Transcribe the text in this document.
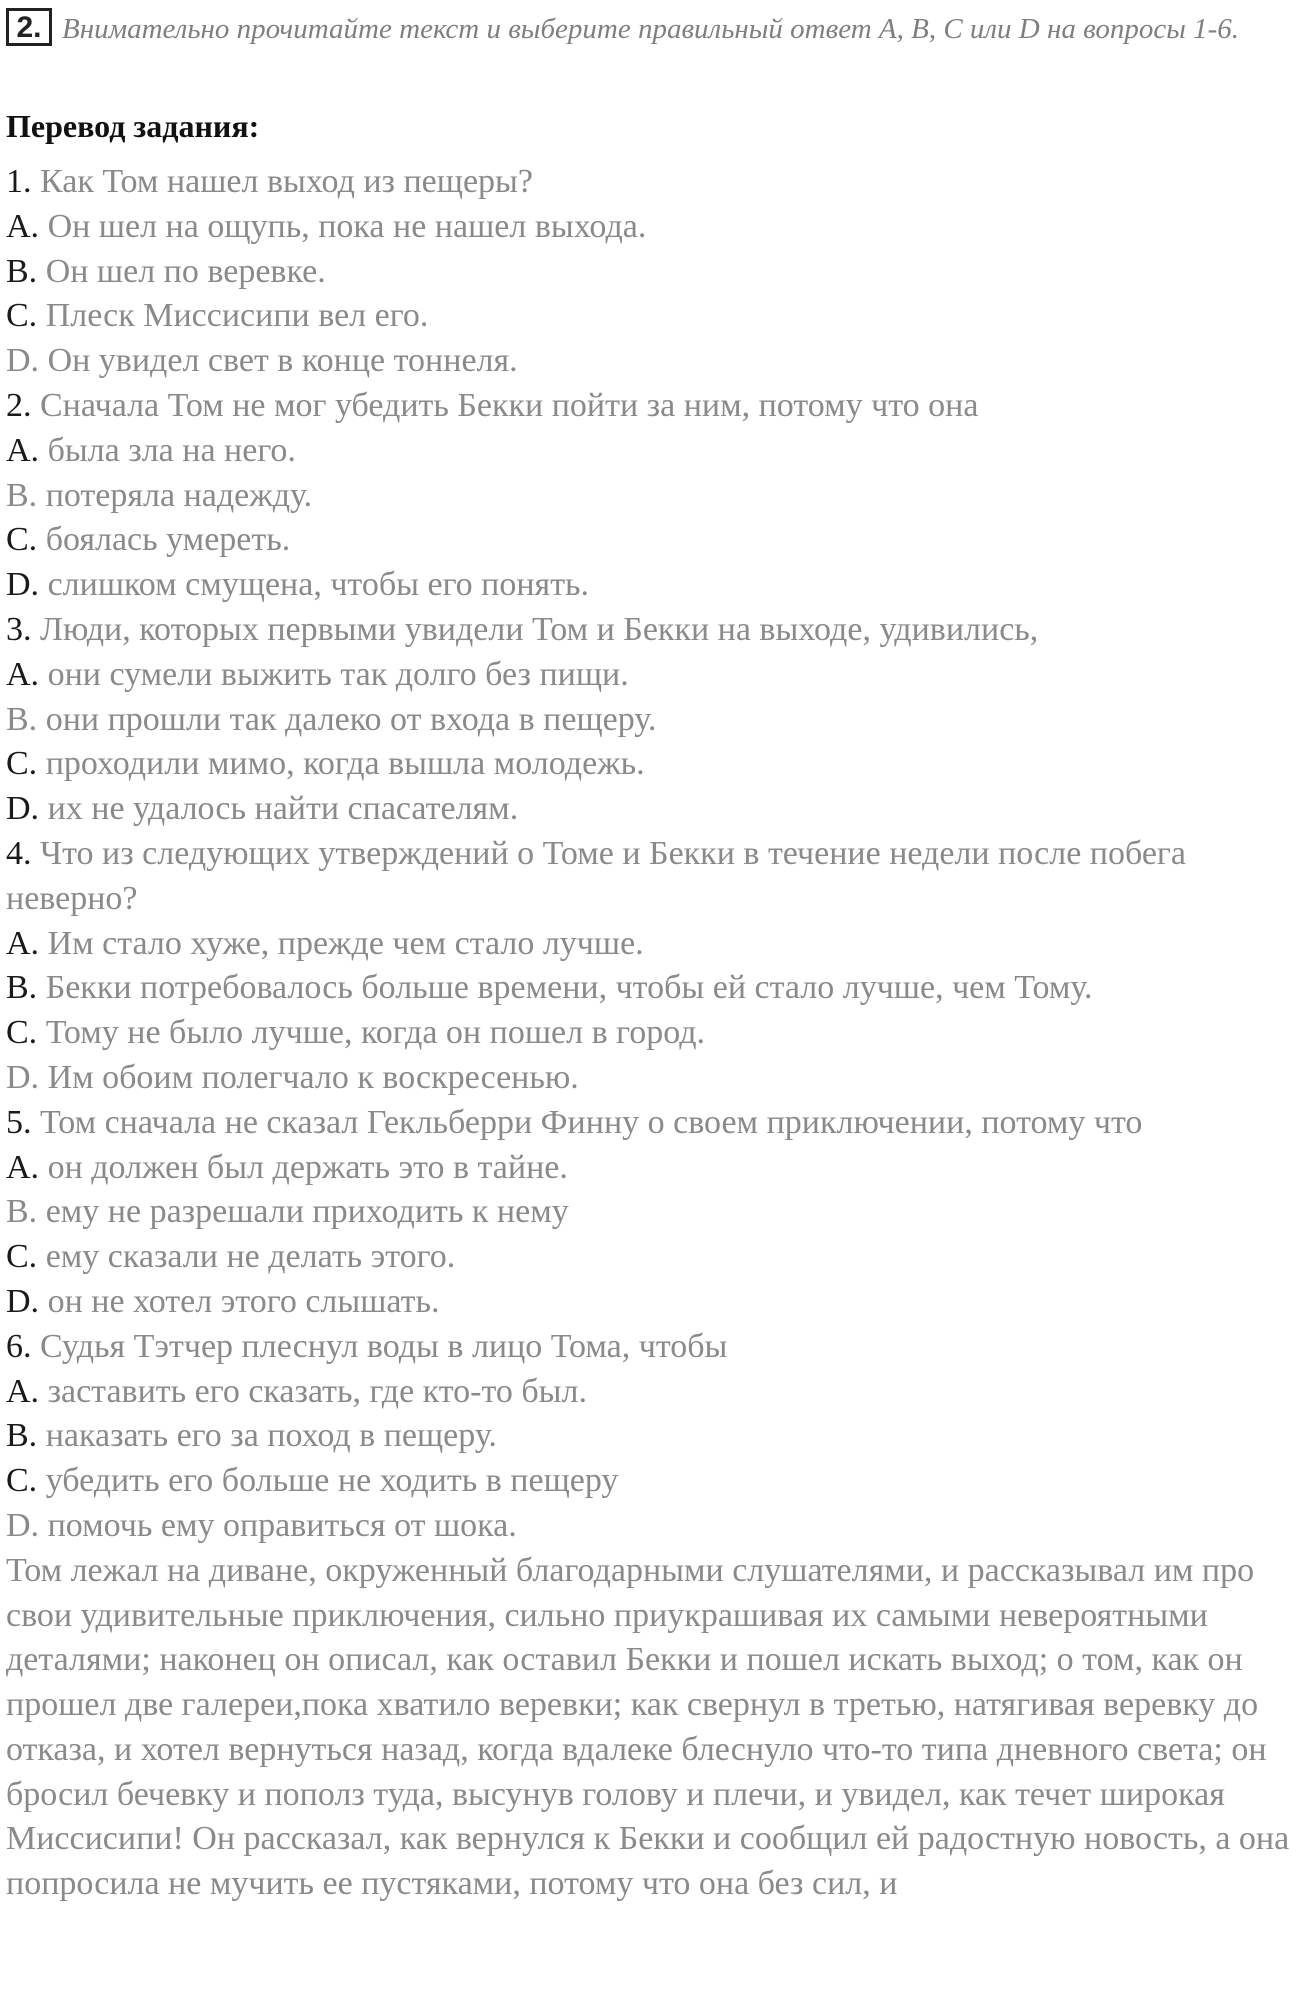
2. Внимательно прочитайте текст и выберите правильный ответ A, B, C или D на вопросы 1-6.

Перевод задания:

1. Как Том нашел выход из пещеры?

A. Он шел на ощупь, пока не нашел выхода.

B. Он шел по веревке.

C. Плеск Миссисипи вел его.

D. Он увидел свет в конце тоннеля.

2. Сначала Том не мог убедить Бекки пойти за ним, потому что она

A. была зла на него.

B. потеряла надежду.

C. боялась умереть.

D. слишком смущена, чтобы его понять.

3. Люди, которых первыми увидели Том и Бекки на выходе, удивились,

A. они сумели выжить так долго без пищи.

B. они прошли так далеко от входа в пещеру.

C. проходили мимо, когда вышла молодежь.

D. их не удалось найти спасателям.

4. Что из следующих утверждений о Томе и Бекки в течение недели после побега неверно?

A. Им стало хуже, прежде чем стало лучше.

B. Бекки потребовалось больше времени, чтобы ей стало лучше, чем Тому.

C. Тому не было лучше, когда он пошел в город.

D. Им обоим полегчало к воскресенью.

5. Том сначала не сказал Гекльберри Финну о своем приключении, потому что

A. он должен был держать это в тайне.

B. ему не разрешали приходить к нему

C. ему сказали не делать этого.

D. он не хотел этого слышать.

6. Судья Тэтчер плеснул воды в лицо Тома, чтобы

A. заставить его сказать, где кто-то был.

B. наказать его за поход в пещеру.

C. убедить его больше не ходить в пещеру

D. помочь ему оправиться от шока.

Том лежал на диване, окруженный благодарными слушателями, и рассказывал им про свои удивительные приключения, сильно приукрашивая их самыми невероятными деталями; наконец он описал, как оставил Бекки и пошел искать выход; о том, как он прошел две галереи,пока хватило веревки; как свернул в третью, натягивая веревку до отказа, и хотел вернуться назад, когда вдалеке блеснуло что-то типа дневного света; он бросил бечевку и пополз туда, высунув голову и плечи, и увидел, как течет широкая Миссисипи! Он рассказал, как вернулся к Бекки и сообщил ей радостную новость, а она попросила не мучить ее пустяками, потому что она без сил, и
